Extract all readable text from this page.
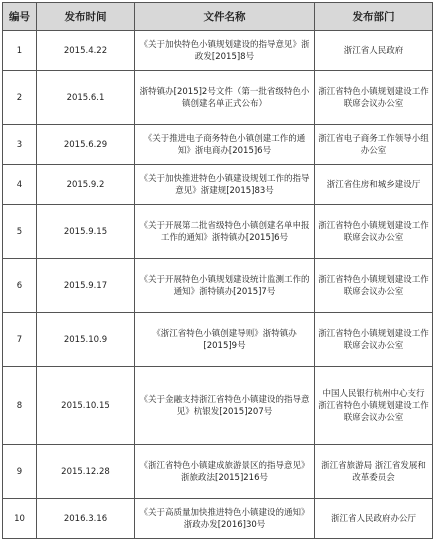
编号	发布时间	文件名称	发布部门
1	2015.4.22	《关于加快特色小镇规划建设的指导意见》浙政发[2015]8号	浙江省人民政府
2	2015.6.1	浙特镇办[2015]2号文件（第一批省级特色小镇创建名单正式公布）	浙江省特色小镇规划建设工作联席会议办公室
3	2015.6.29	《关于推进电子商务特色小镇创建工作的通知》浙电商办[2015]6号	浙江省电子商务工作领导小组办公室
4	2015.9.2	《关于加快推进特色小镇建设规划工作的指导意见》浙建规[2015]83号	浙江省住房和城乡建设厅
5	2015.9.15	《关于开展第二批省级特色小镇创建名单申报工作的通知》浙特镇办[2015]6号	浙江省特色小镇规划建设工作联席会议办公室
6	2015.9.17	《关于开展特色小镇规划建设统计监测工作的通知》浙特镇办[2015]7号	浙江省特色小镇规划建设工作联席会议办公室
7	2015.10.9	《浙江省特色小镇创建导则》浙特镇办[2015]9号	浙江省特色小镇规划建设工作联席会议办公室
8	2015.10.15	《关于金融支持浙江省特色小镇建设的指导意见》杭银发[2015]207号	中国人民银行杭州中心支行 浙江省特色小镇规划建设工作联席会议办公室
9	2015.12.28	《浙江省特色小镇建成旅游景区的指导意见》浙旅政法[2015]216号	浙江省旅游局 浙江省发展和改革委员会
10	2016.3.16	《关于高质量加快推进特色小镇建设的通知》浙政办发[2016]30号	浙江省人民政府办公厅
